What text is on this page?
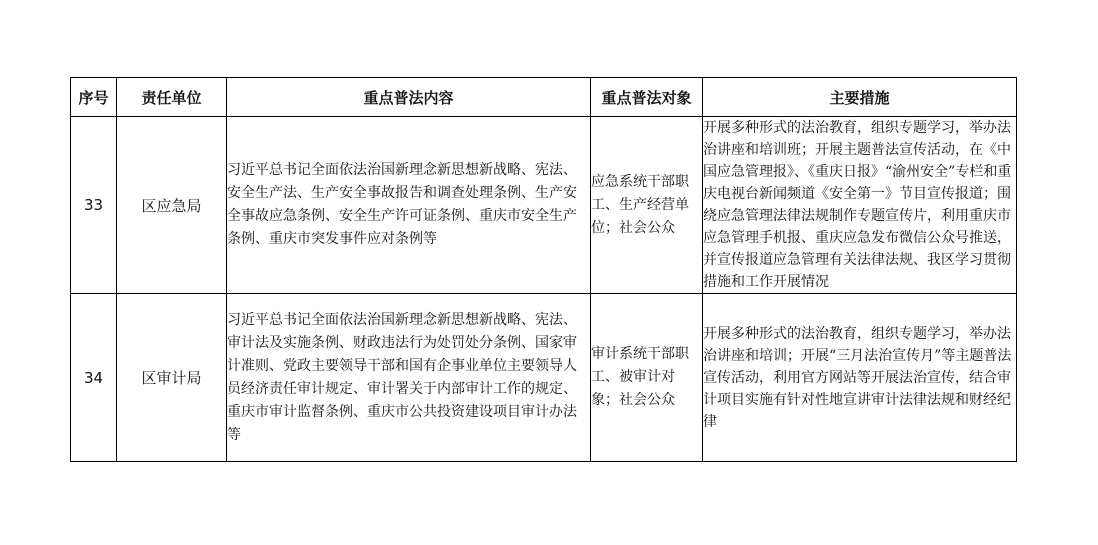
序号	责任单位	重点普法内容	重点普法对象	主要措施
33	区应急局	习近平总书记全面依法治国新理念新思想新战略、宪法、安全生产法、生产安全事故报告和调查处理条例、生产安全事故应急条例、安全生产许可证条例、重庆市安全生产条例、重庆市突发事件应对条例等	应急系统干部职工、生产经营单位；社会公众	开展多种形式的法治教育，组织专题学习，举办法治讲座和培训班；开展主题普法宣传活动，在《中国应急管理报》、《重庆日报》“渝州安全”专栏和重庆电视台新闻频道《安全第一》节目宣传报道；围绕应急管理法律法规制作专题宣传片，利用重庆市应急管理手机报、重庆应急发布微信公众号推送，并宣传报道应急管理有关法律法规、我区学习贯彻措施和工作开展情况

34	区审计局	习近平总书记全面依法治国新理念新思想新战略、宪法、审计法及实施条例、财政违法行为处罚处分条例、国家审计准则、党政主要领导干部和国有企事业单位主要领导人员经济责任审计规定、审计署关于内部审计工作的规定、重庆市审计监督条例、重庆市公共投资建设项目审计办法等	审计系统干部职工、被审计对象；社会公众	开展多种形式的法治教育，组织专题学习，举办法治讲座和培训；开展“三月法治宣传月”等主题普法宣传活动，利用官方网站等开展法治宣传，结合审计项目实施有针对性地宣讲审计法律法规和财经纪律
